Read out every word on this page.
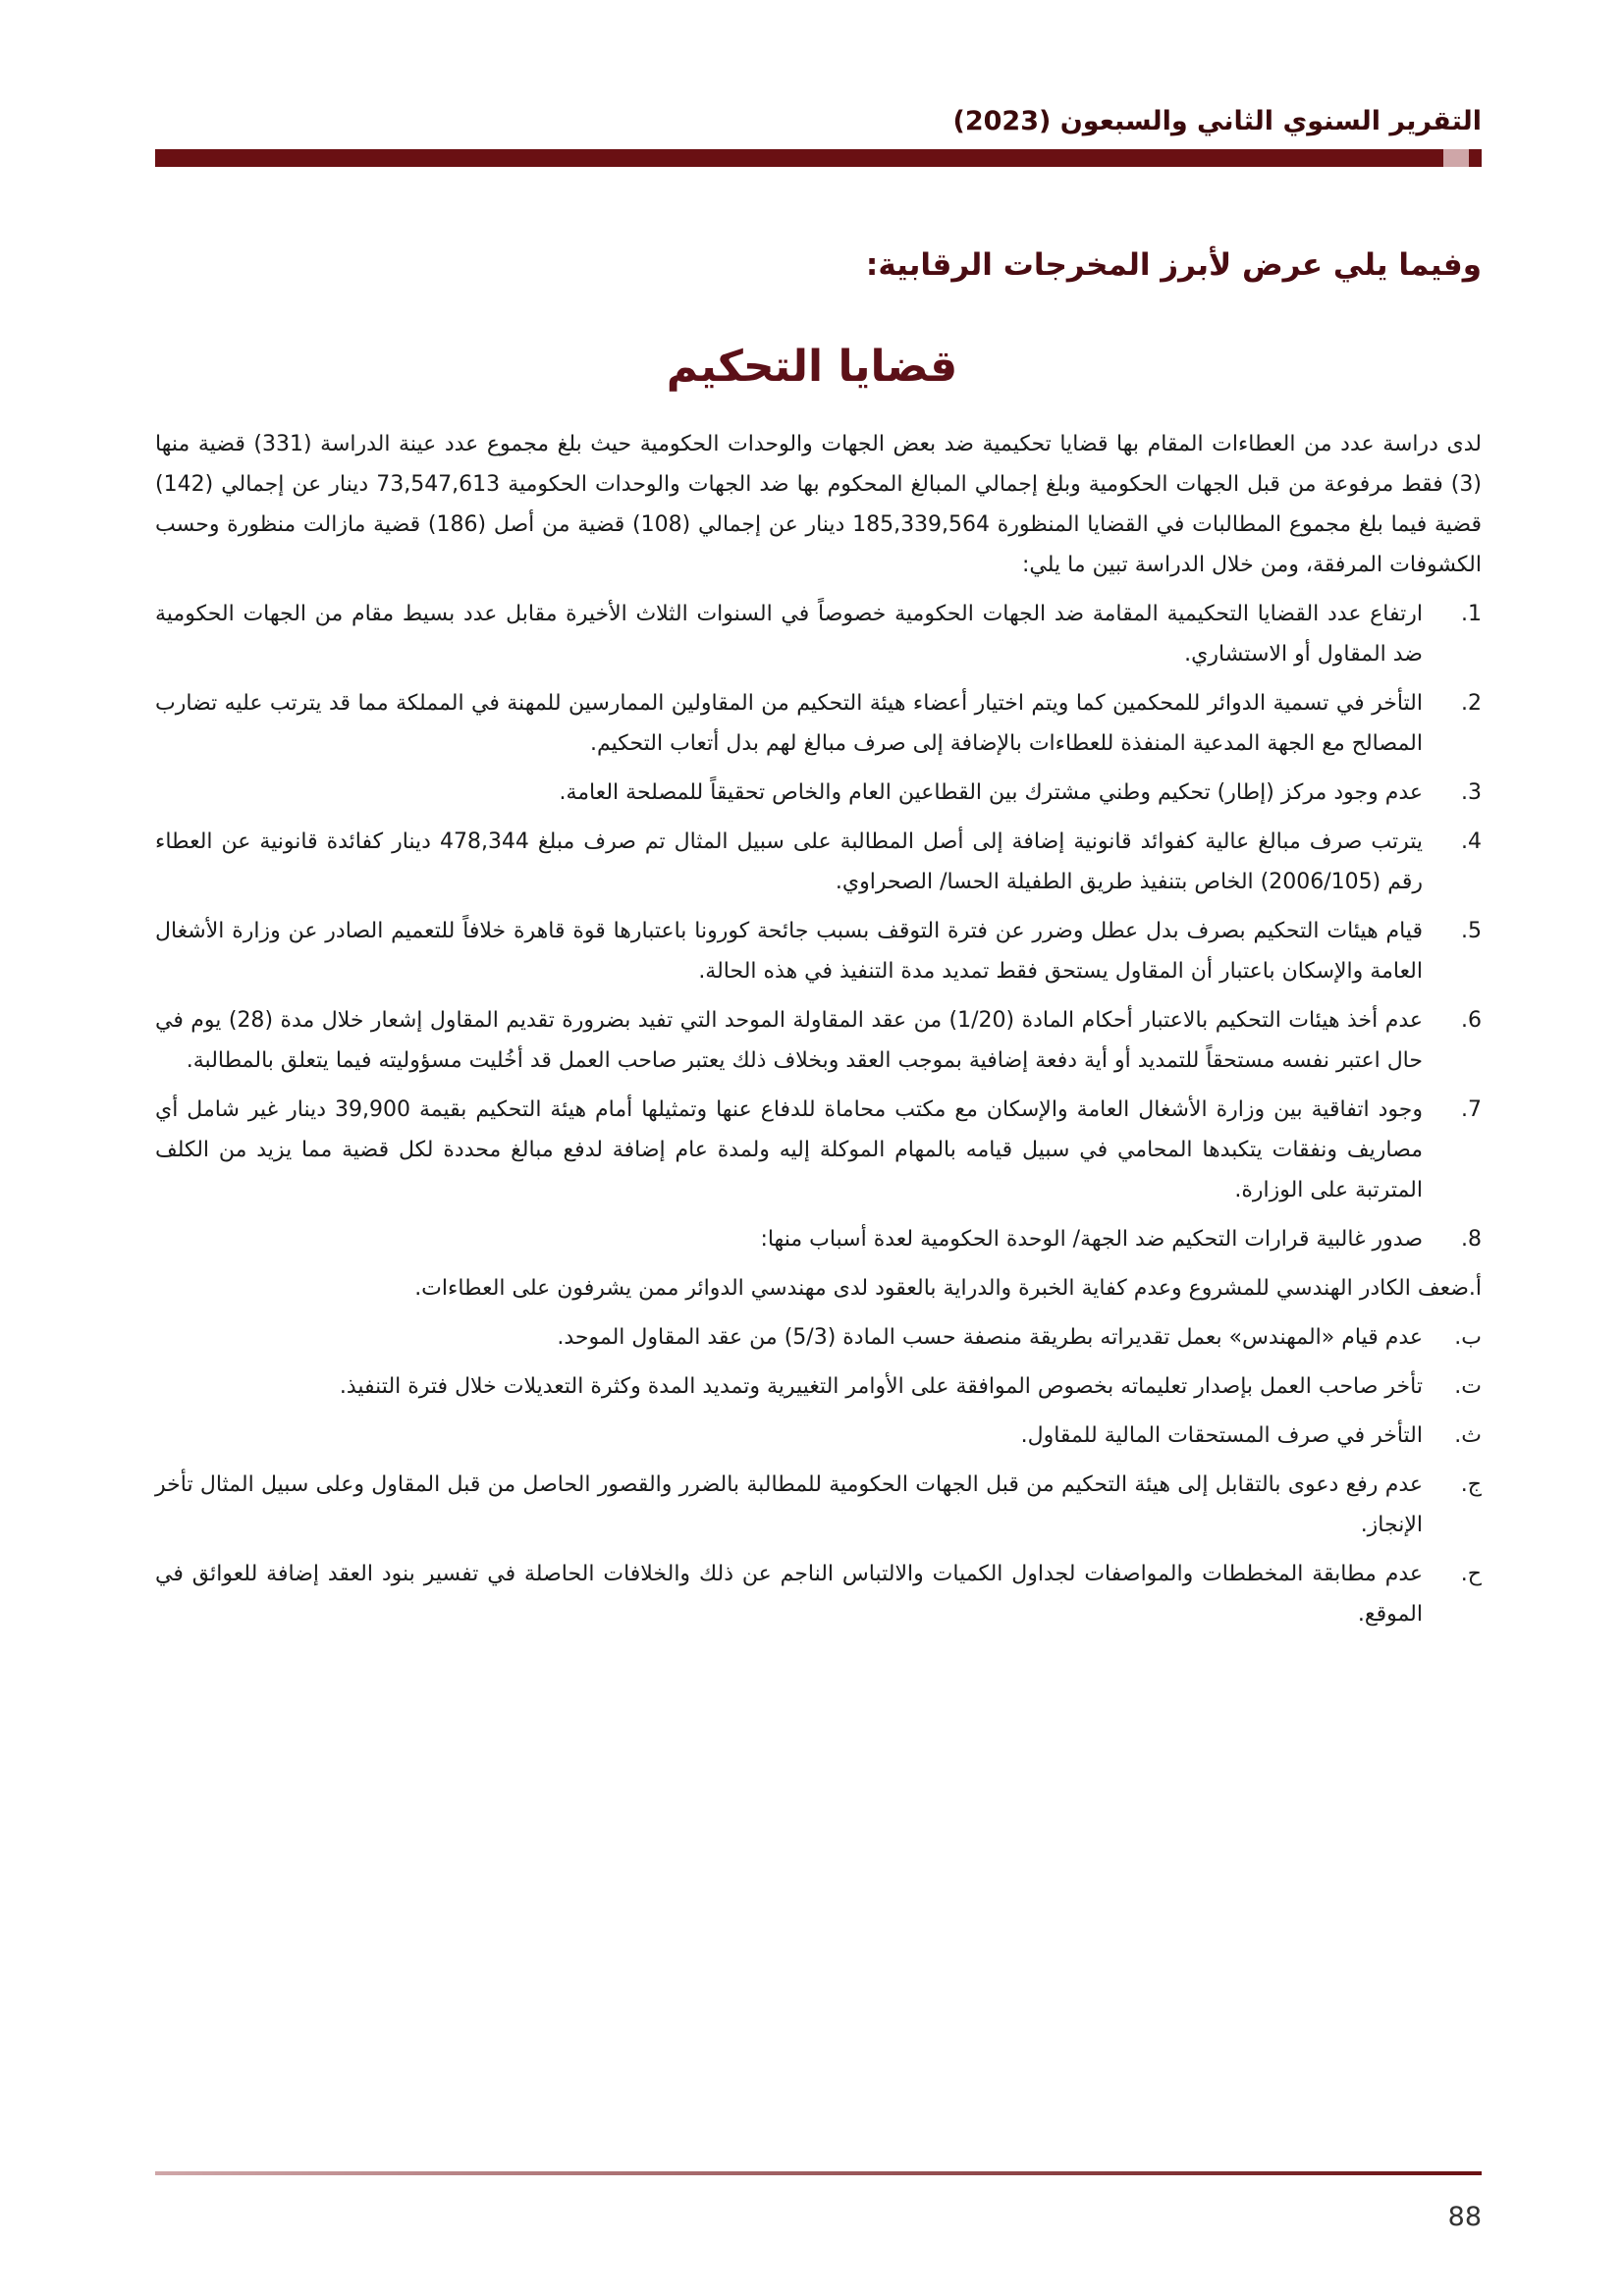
التقرير السنوي الثاني والسبعون (2023)
وفيما يلي عرض لأبرز المخرجات الرقابية:
قضايا التحكيم

لدى دراسة عدد من العطاءات المقام بها قضايا تحكيمية ضد بعض الجهات والوحدات الحكومية حيث بلغ مجموع عدد عينة الدراسة (331) قضية منها (3) فقط مرفوعة من قبل الجهات الحكومية وبلغ إجمالي المبالغ المحكوم بها ضد الجهات والوحدات الحكومية 73,547,613 دينار عن إجمالي (142) قضية فيما بلغ مجموع المطالبات في القضايا المنظورة 185,339,564 دينار عن إجمالي (108) قضية من أصل (186) قضية مازالت منظورة وحسب الكشوفات المرفقة، ومن خلال الدراسة تبين ما يلي:

1.

ارتفاع عدد القضايا التحكيمية المقامة ضد الجهات الحكومية خصوصاً في السنوات الثلاث الأخيرة مقابل عدد بسيط مقام من الجهات الحكومية ضد المقاول أو الاستشاري.

2.

التأخر في تسمية الدوائر للمحكمين كما ويتم اختيار أعضاء هيئة التحكيم من المقاولين الممارسين للمهنة في المملكة مما قد يترتب عليه تضارب المصالح مع الجهة المدعية المنفذة للعطاءات بالإضافة إلى صرف مبالغ لهم بدل أتعاب التحكيم.

3.

عدم وجود مركز (إطار) تحكيم وطني مشترك بين القطاعين العام والخاص تحقيقاً للمصلحة العامة.

4.

يترتب صرف مبالغ عالية كفوائد قانونية إضافة إلى أصل المطالبة على سبيل المثال تم صرف مبلغ 478,344 دينار كفائدة قانونية عن العطاء رقم (2006/105) الخاص بتنفيذ طريق الطفيلة الحسا/ الصحراوي.

5.

قيام هيئات التحكيم بصرف بدل عطل وضرر عن فترة التوقف بسبب جائحة كورونا باعتبارها قوة قاهرة خلافاً للتعميم الصادر عن وزارة الأشغال العامة والإسكان باعتبار أن المقاول يستحق فقط تمديد مدة التنفيذ في هذه الحالة.

6.

عدم أخذ هيئات التحكيم بالاعتبار أحكام المادة (1/20) من عقد المقاولة الموحد التي تفيد بضرورة تقديم المقاول إشعار خلال مدة (28) يوم في حال اعتبر نفسه مستحقاً للتمديد أو أية دفعة إضافية بموجب العقد وبخلاف ذلك يعتبر صاحب العمل قد أخُليت مسؤوليته فيما يتعلق بالمطالبة.

7.

وجود اتفاقية بين وزارة الأشغال العامة والإسكان مع مكتب محاماة للدفاع عنها وتمثيلها أمام هيئة التحكيم بقيمة 39,900 دينار غير شامل أي مصاريف ونفقات يتكبدها المحامي في سبيل قيامه بالمهام الموكلة إليه ولمدة عام إضافة لدفع مبالغ محددة لكل قضية مما يزيد من الكلف المترتبة على الوزارة.

8.

صدور غالبية قرارات التحكيم ضد الجهة/ الوحدة الحكومية لعدة أسباب منها:

أ.ضعف الكادر الهندسي للمشروع وعدم كفاية الخبرة والدراية بالعقود لدى مهندسي الدوائر ممن يشرفون على العطاءات.

ب.

عدم قيام «المهندس» بعمل تقديراته بطريقة منصفة حسب المادة (5/3) من عقد المقاول الموحد.

ت.

تأخر صاحب العمل بإصدار تعليماته بخصوص الموافقة على الأوامر التغييرية وتمديد المدة وكثرة التعديلات خلال فترة التنفيذ.

ث.

التأخر في صرف المستحقات المالية للمقاول.

ج.

عدم رفع دعوى بالتقابل إلى هيئة التحكيم من قبل الجهات الحكومية للمطالبة بالضرر والقصور الحاصل من قبل المقاول وعلى سبيل المثال تأخر الإنجاز.

ح.

عدم مطابقة المخططات والمواصفات لجداول الكميات والالتباس الناجم عن ذلك والخلافات الحاصلة في تفسير بنود العقد إضافة للعوائق في الموقع.

88
